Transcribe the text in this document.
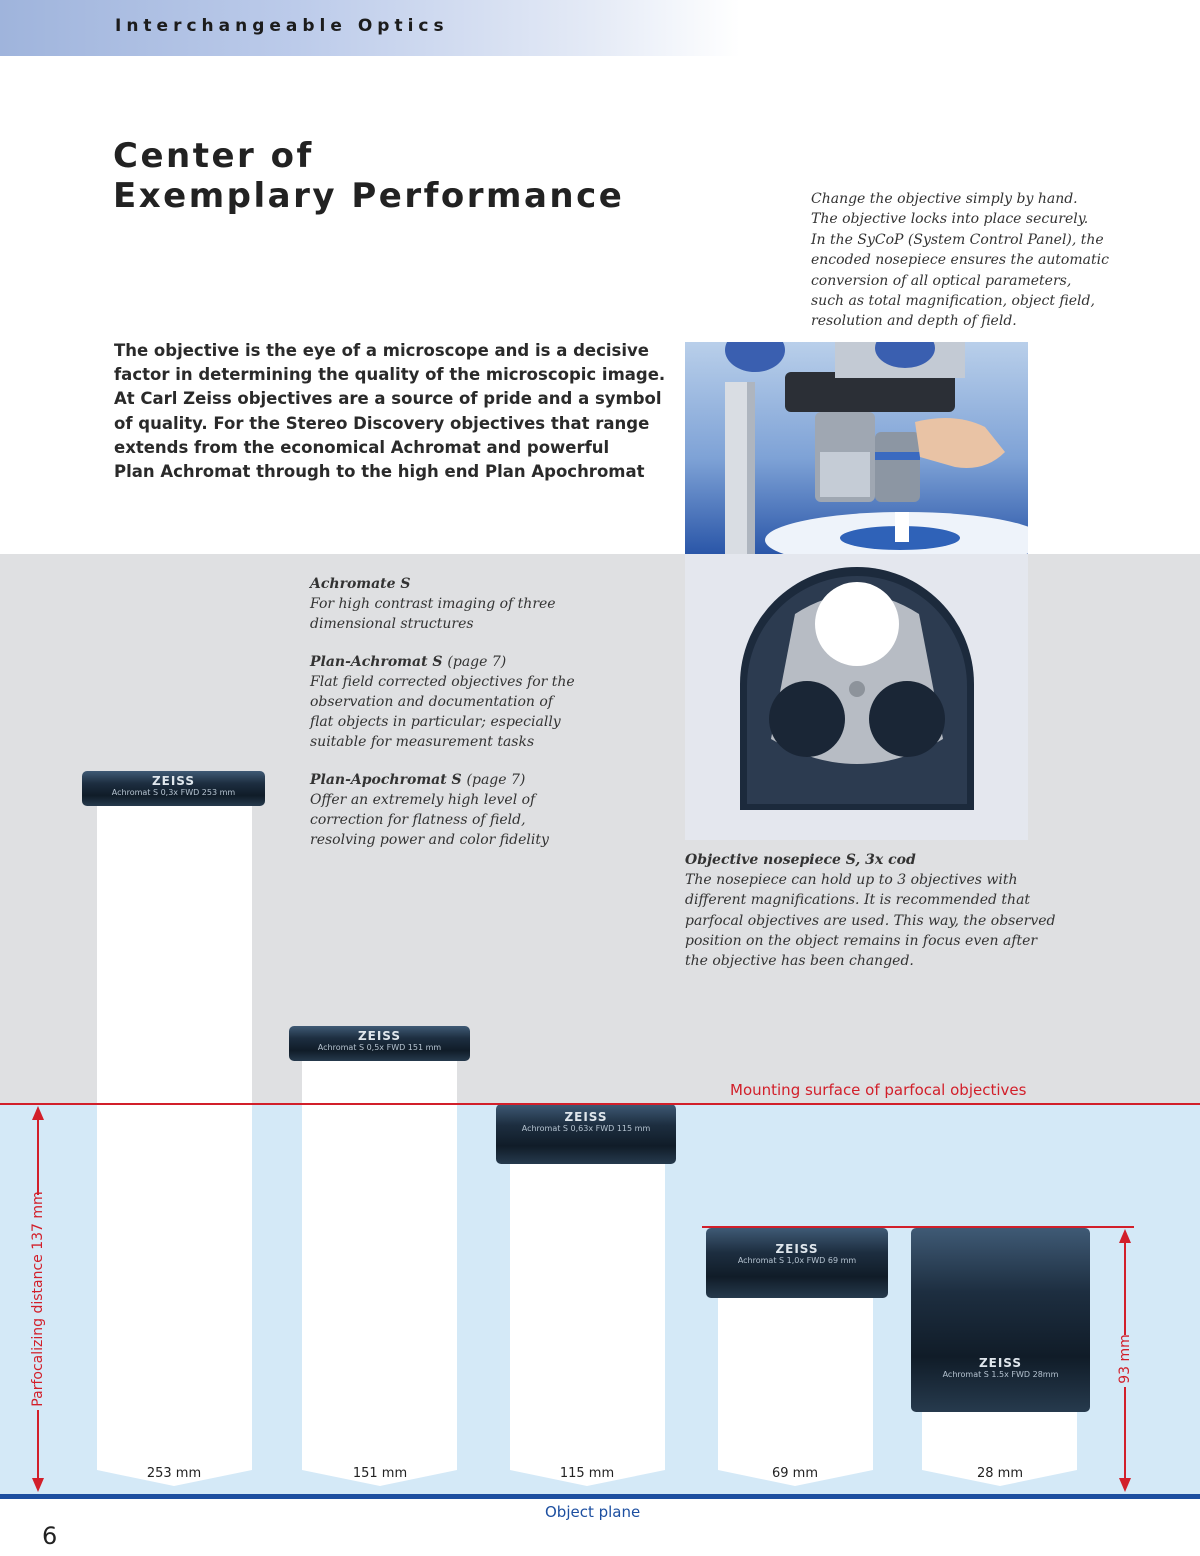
Interchangeable Optics
Center of
Exemplary Performance	Change the objective simply by hand.
The objective locks into place securely.
In the SyCoP (System Control Panel), the
encoded nosepiece ensures the automatic
conversion of all optical parameters,
such as total magnification, object field,
resolution and depth of field.
The objective is the eye of a microscope and is a decisive
factor in determining the quality of the microscopic image.
At Carl Zeiss objectives are a source of pride and a symbol
of quality. For the Stereo Discovery objectives that range
extends from the economical Achromat and powerful
Plan Achromat through to the high end Plan Apochromat
Achromate S
For high contrast imaging of three
dimensional structures
Plan-Achromat S (page 7)
Flat field corrected objectives for the
observation and documentation of
flat objects in particular; especially
suitable for measurement tasks
Plan-Apochromat S (page 7)
Offer an extremely high level of
correction for flatness of field,
resolving power and color fidelity
Objective nosepiece S, 3x cod
The nosepiece can hold up to 3 objectives with
different magnifications. It is recommended that
parfocal objectives are used. This way, the observed
position on the object remains in focus even after
the objective has been changed.
ZEISS
Achromat S 0,3x FWD 253 mm
ZEISS
Achromat S 0,5x FWD 151 mm
ZEISS
Achromat S 0,63x FWD 115 mm
ZEISS
Achromat S 1,0x FWD 69 mm
ZEISS
Achromat S 1.5x FWD 28mm
253 mm	151 mm	115 mm	69 mm	28 mm
Mounting surface of parfocal objectives
Parfocalizing distance 137 mm	93 mm
Object plane
6
